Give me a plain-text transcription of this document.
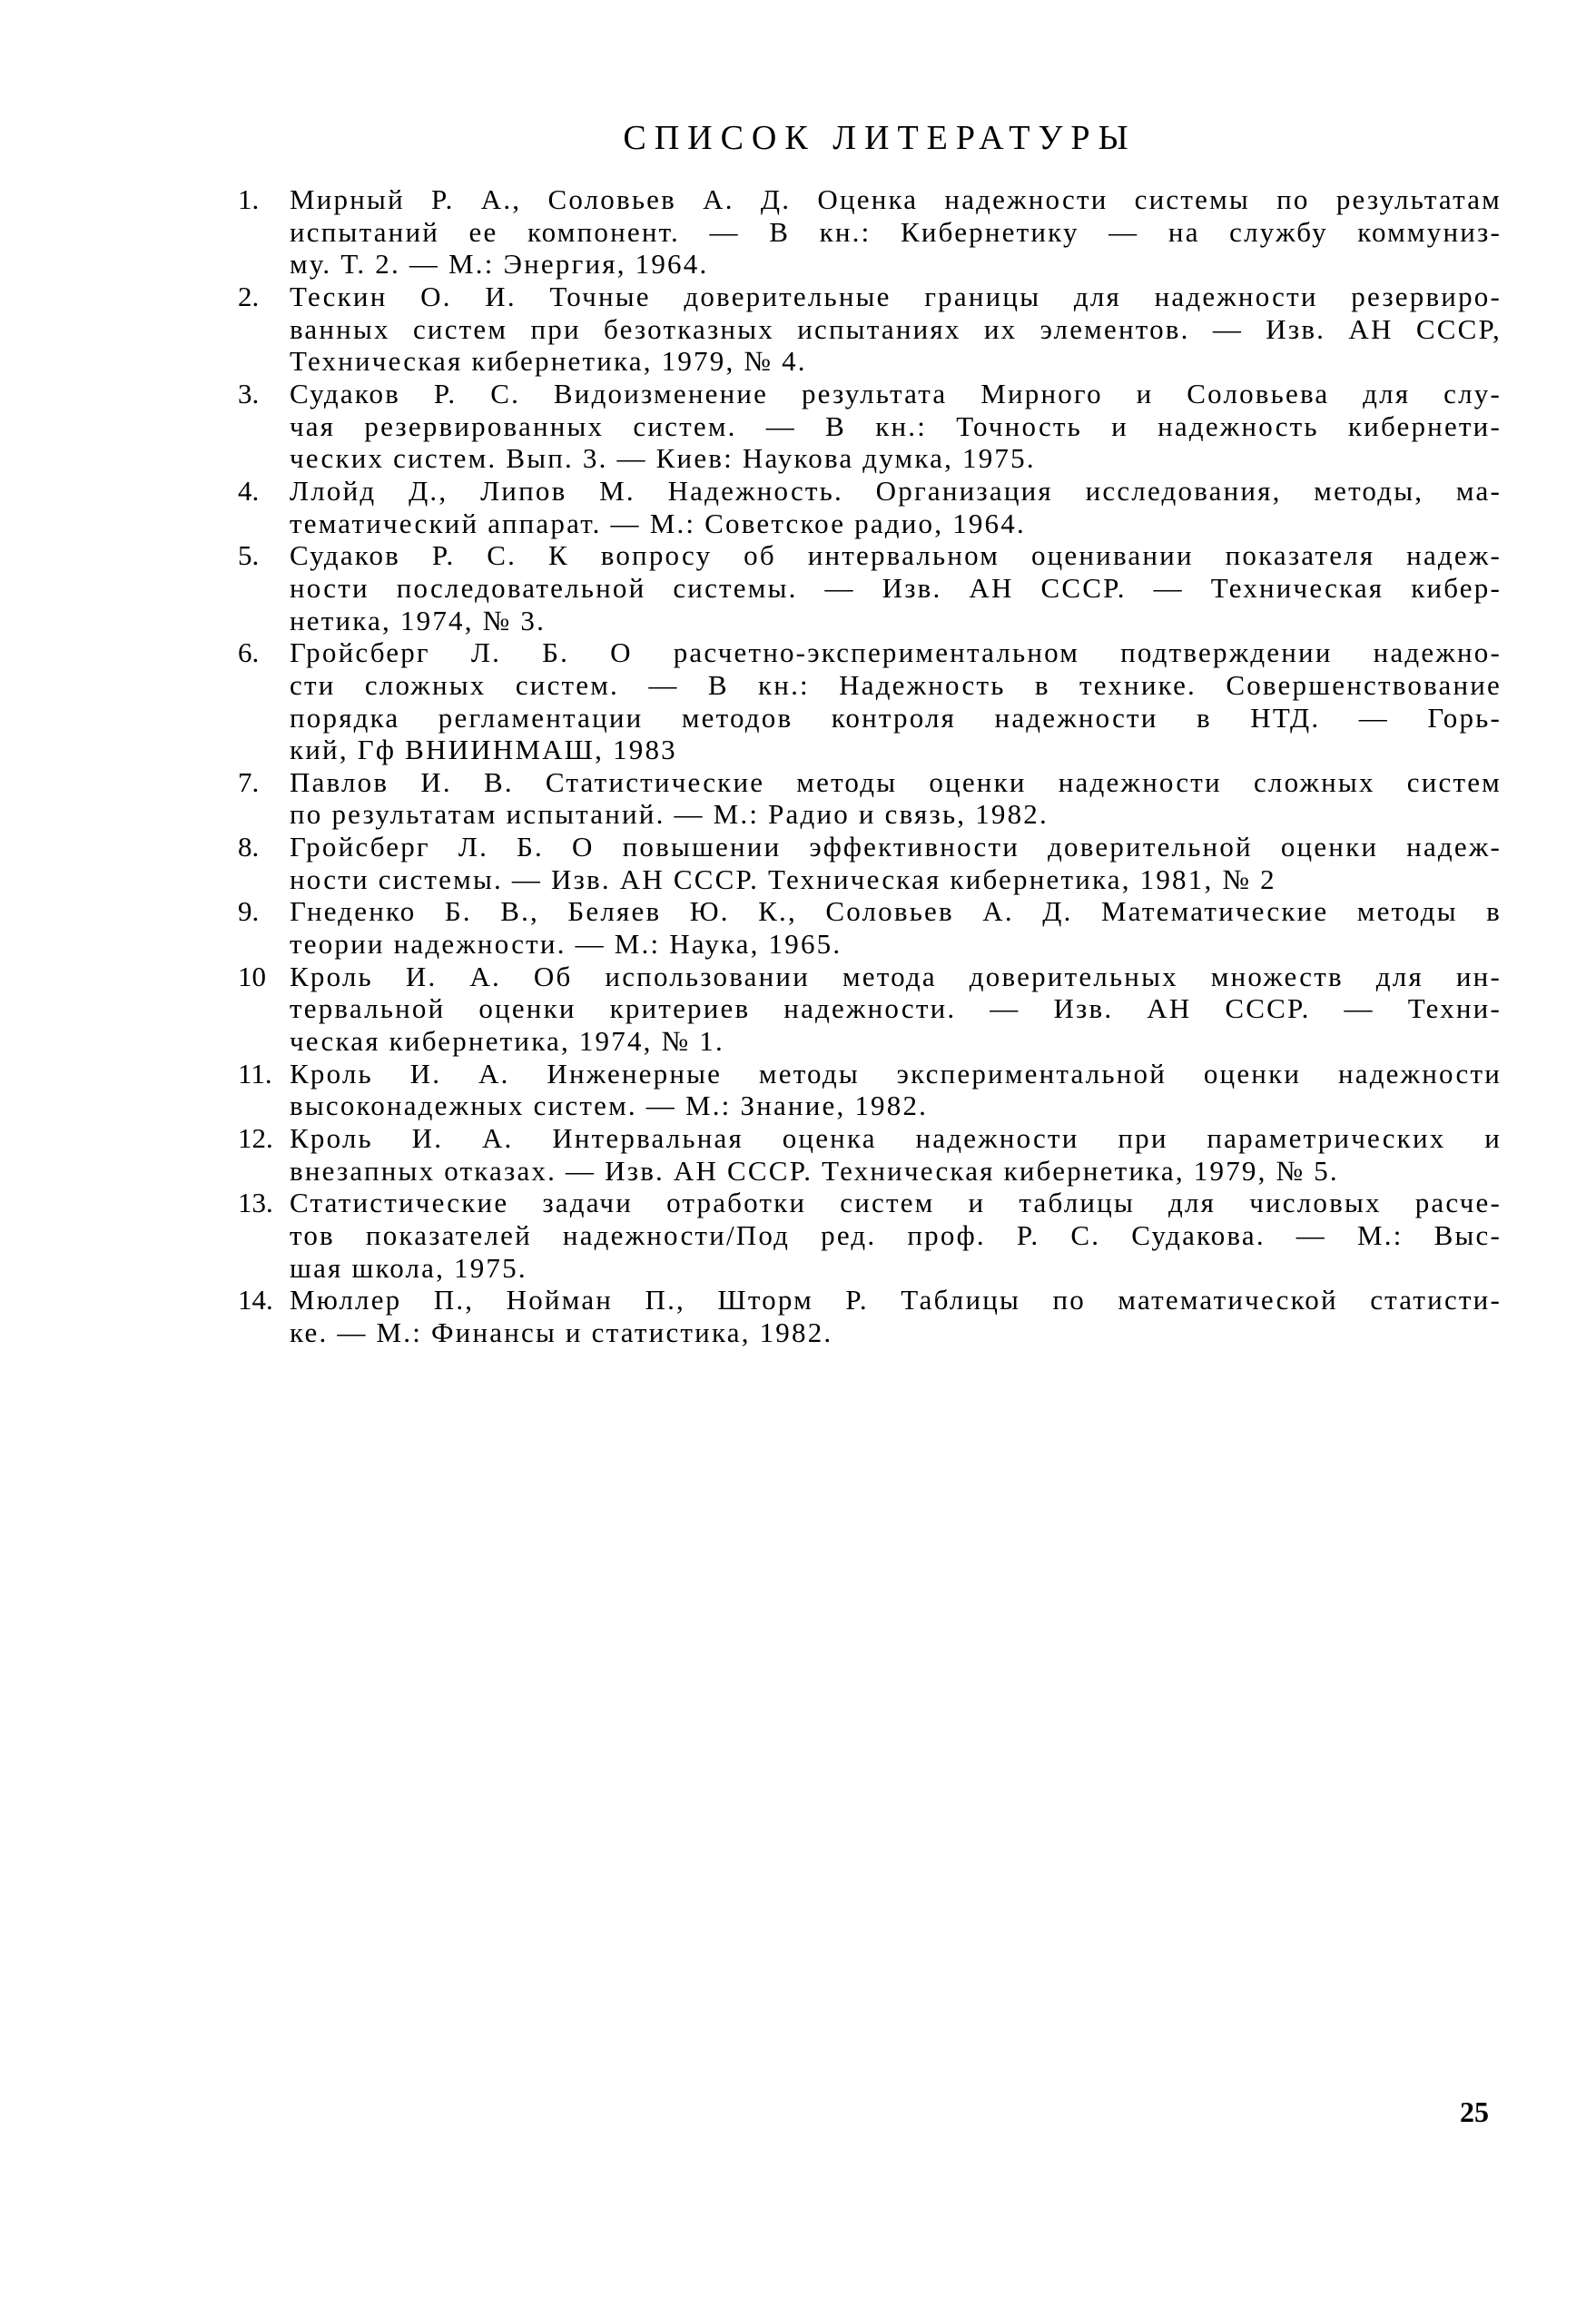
СПИСОК ЛИТЕРАТУРЫ
1. Мирный Р. А., Соловьев А. Д. Оценка надежности системы по результатам
испытаний ее компонент. — В кн.: Кибернетику — на службу коммуниз-
му. Т. 2. — М.: Энергия, 1964.
2. Тескин О. И. Точные доверительные границы для надежности резервиро-
ванных систем при безотказных испытаниях их элементов. — Изв. АН СССР,
Техническая кибернетика, 1979, № 4.
3. Судаков Р. С. Видоизменение результата Мирного и Соловьева для слу-
чая резервированных систем. — В кн.: Точность и надежность кибернети-
ческих систем. Вып. 3. — Киев: Наукова думка, 1975.
4. Ллойд Д., Липов М. Надежность. Организация исследования, методы, ма-
тематический аппарат. — М.: Советское радио, 1964.
5. Судаков Р. С. К вопросу об интервальном оценивании показателя надеж-
ности последовательной системы. — Изв. АН СССР. — Техническая кибер-
нетика, 1974, № 3.
6. Гройсберг Л. Б. О расчетно-экспериментальном подтверждении надежно-
сти сложных систем. — В кн.: Надежность в технике. Совершенствование
порядка регламентации методов контроля надежности в НТД. — Горь-
кий, Гф ВНИИНМАШ, 1983
7. Павлов И. В. Статистические методы оценки надежности сложных систем
по результатам испытаний. — М.: Радио и связь, 1982.
8. Гройсберг Л. Б. О повышении эффективности доверительной оценки надеж-
ности системы. — Изв. АН СССР. Техническая кибернетика, 1981, № 2
9. Гнеденко Б. В., Беляев Ю. К., Соловьев А. Д. Математические методы в
теории надежности. — М.: Наука, 1965.
10 Кроль И. А. Об использовании метода доверительных множеств для ин-
тервальной оценки критериев надежности. — Изв. АН СССР. — Техни-
ческая кибернетика, 1974, № 1.
11. Кроль И. А. Инженерные методы экспериментальной оценки надежности
высоконадежных систем. — М.: Знание, 1982.
12. Кроль И. А. Интервальная оценка надежности при параметрических и
внезапных отказах. — Изв. АН СССР. Техническая кибернетика, 1979, № 5.
13. Статистические задачи отработки систем и таблицы для числовых расче-
тов показателей надежности/Под ред. проф. Р. С. Судакова. — М.: Выс-
шая школа, 1975.
14. Мюллер П., Нойман П., Шторм Р. Таблицы по математической статисти-
ке. — М.: Финансы и статистика, 1982.
25
